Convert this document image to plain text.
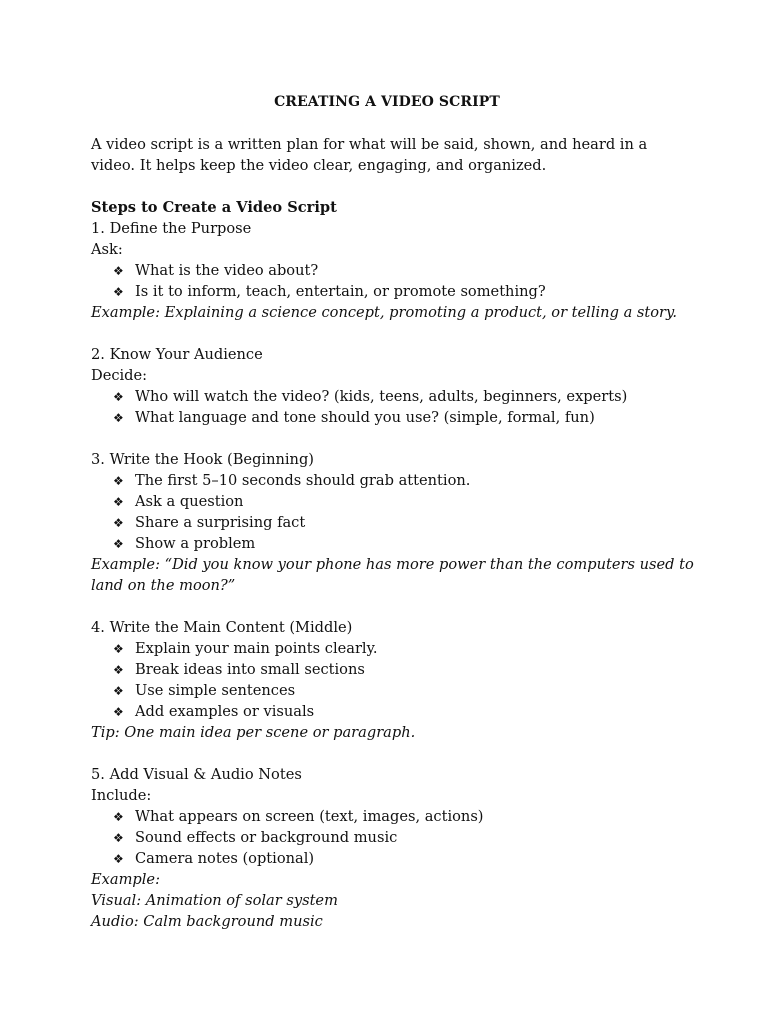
CREATING A VIDEO SCRIPT
A video script is a written plan for what will be said, shown, and heard in a
video. It helps keep the video clear, engaging, and organized.
Steps to Create a Video Script
1. Define the Purpose
Ask:
❖ What is the video about?
❖ Is it to inform, teach, entertain, or promote something?
Example: Explaining a science concept, promoting a product, or telling a story.
2. Know Your Audience
Decide:
❖ Who will watch the video? (kids, teens, adults, beginners, experts)
❖ What language and tone should you use? (simple, formal, fun)
3. Write the Hook (Beginning)
❖ The first 5–10 seconds should grab attention.
❖ Ask a question
❖ Share a surprising fact
❖ Show a problem
Example: “Did you know your phone has more power than the computers used to
land on the moon?”
4. Write the Main Content (Middle)
❖ Explain your main points clearly.
❖ Break ideas into small sections
❖ Use simple sentences
❖ Add examples or visuals
Tip: One main idea per scene or paragraph.
5. Add Visual & Audio Notes
Include:
❖ What appears on screen (text, images, actions)
❖ Sound effects or background music
❖ Camera notes (optional)
Example:
Visual: Animation of solar system
Audio: Calm background music
